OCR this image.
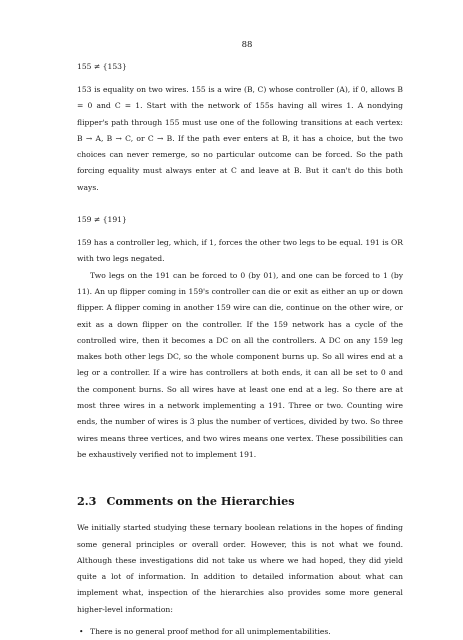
88
155 ≠ {153}

153 is equality on two wires. 155 is a wire (B, C) whose controller (A), if 0, allows B = 0 and C = 1. Start with the network of 155s having all wires 1. A nondying flipper's path through 155 must use one of the following transitions at each vertex: B → A, B → C, or C → B. If the path ever enters at B, it has a choice, but the two choices can never remerge, so no particular outcome can be forced. So the path forcing equality must always enter at C and leave at B. But it can't do this both ways.

159 ≠ {191}

159 has a controller leg, which, if 1, forces the other two legs to be equal. 191 is OR with two legs negated.

Two legs on the 191 can be forced to 0 (by 01), and one can be forced to 1 (by 11). An up flipper coming in 159's controller can die or exit as either an up or down flipper. A flipper coming in another 159 wire can die, continue on the other wire, or exit as a down flipper on the controller. If the 159 network has a cycle of the controlled wire, then it becomes a DC on all the controllers. A DC on any 159 leg makes both other legs DC, so the whole component burns up. So all wires end at a leg or a controller. If a wire has controllers at both ends, it can all be set to 0 and the component burns. So all wires have at least one end at a leg. So there are at most three wires in a network implementing a 191. Three or two. Counting wire ends, the number of wires is 3 plus the number of vertices, divided by two. So three wires means three vertices, and two wires means one vertex. These possibilities can be exhaustively verified not to implement 191.

2.3 Comments on the Hierarchies

We initially started studying these ternary boolean relations in the hopes of finding some general principles or overall order. However, this is not what we found. Although these investigations did not take us where we had hoped, they did yield quite a lot of information. In addition to detailed information about what can implement what, inspection of the hierarchies also provides some more general higher-level information:

• There is no general proof method for all unimplementabilities.
